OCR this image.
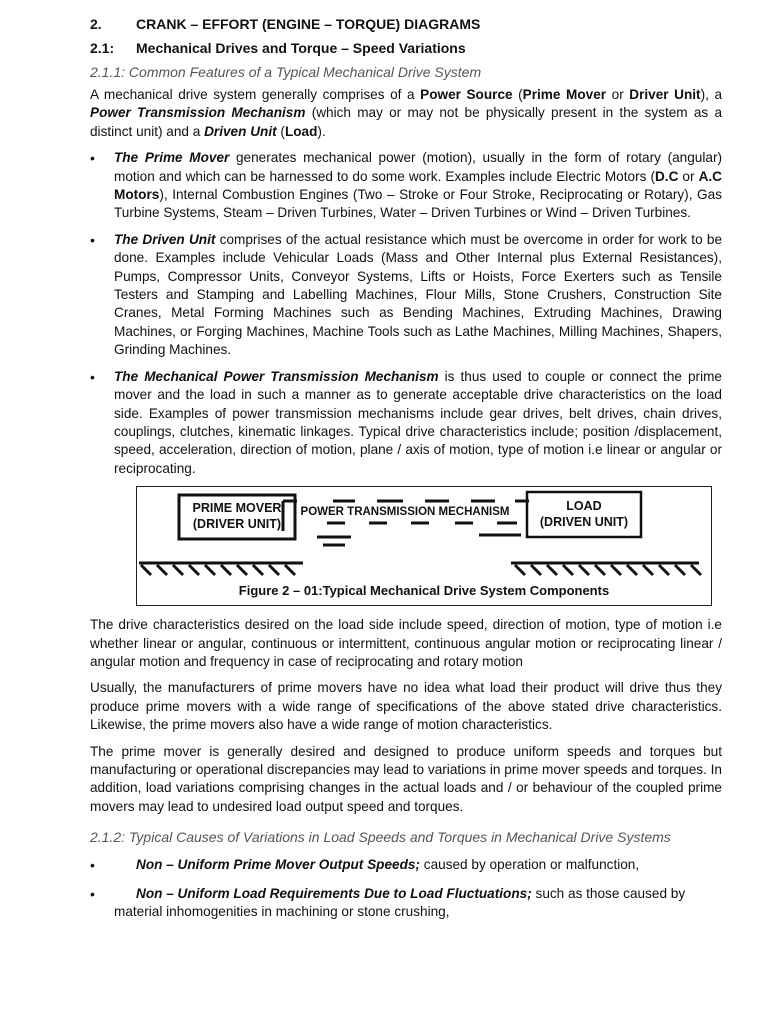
2.	CRANK – EFFORT (ENGINE – TORQUE) DIAGRAMS
2.1:	Mechanical Drives and Torque – Speed Variations
2.1.1: Common Features of a Typical Mechanical Drive System

A mechanical drive system generally comprises of a Power Source (Prime Mover or Driver Unit), a Power Transmission Mechanism (which may or may not be physically present in the system as a distinct unit) and a Driven Unit (Load).

• The Prime Mover generates mechanical power (motion), usually in the form of rotary (angular) motion and which can be harnessed to do some work. Examples include Electric Motors (D.C or A.C Motors), Internal Combustion Engines (Two – Stroke or Four Stroke, Reciprocating or Rotary), Gas Turbine Systems, Steam – Driven Turbines, Water – Driven Turbines or Wind – Driven Turbines.
• The Driven Unit comprises of the actual resistance which must be overcome in order for work to be done. Examples include Vehicular Loads (Mass and Other Internal plus External Resistances), Pumps, Compressor Units, Conveyor Systems, Lifts or Hoists, Force Exerters such as Tensile Testers and Stamping and Labelling Machines, Flour Mills, Stone Crushers, Construction Site Cranes, Metal Forming Machines such as Bending Machines, Extruding Machines, Drawing Machines, or Forging Machines, Machine Tools such as Lathe Machines, Milling Machines, Shapers, Grinding Machines.
• The Mechanical Power Transmission Mechanism is thus used to couple or connect the prime mover and the load in such a manner as to generate acceptable drive characteristics on the load side. Examples of power transmission mechanisms include gear drives, belt drives, chain drives, couplings, clutches, kinematic linkages. Typical drive characteristics include; position /displacement, speed, acceleration, direction of motion, plane / axis of motion, type of motion i.e linear or angular or reciprocating.
PRIME MOVER
(DRIVER UNIT)
POWER TRANSMISSION MECHANISM	LOAD
(DRIVEN UNIT)
Figure 2 – 01:Typical Mechanical Drive System Components

The drive characteristics desired on the load side include speed, direction of motion, type of motion i.e whether linear or angular, continuous or intermittent, continuous angular motion or reciprocating linear / angular motion and frequency in case of reciprocating and rotary motion

Usually, the manufacturers of prime movers have no idea what load their product will drive thus they produce prime movers with a wide range of specifications of the above stated drive characteristics. Likewise, the prime movers also have a wide range of motion characteristics.

The prime mover is generally desired and designed to produce uniform speeds and torques but manufacturing or operational discrepancies may lead to variations in prime mover speeds and torques. In addition, load variations comprising changes in the actual loads and / or behaviour of the coupled prime movers may lead to undesired load output speed and torques.

2.1.2: Typical Causes of Variations in Load Speeds and Torques in Mechanical Drive Systems
• Non – Uniform Prime Mover Output Speeds; caused by operation or malfunction,
• Non – Uniform Load Requirements Due to Load Fluctuations; such as those caused by
material inhomogenities in machining or stone crushing,
